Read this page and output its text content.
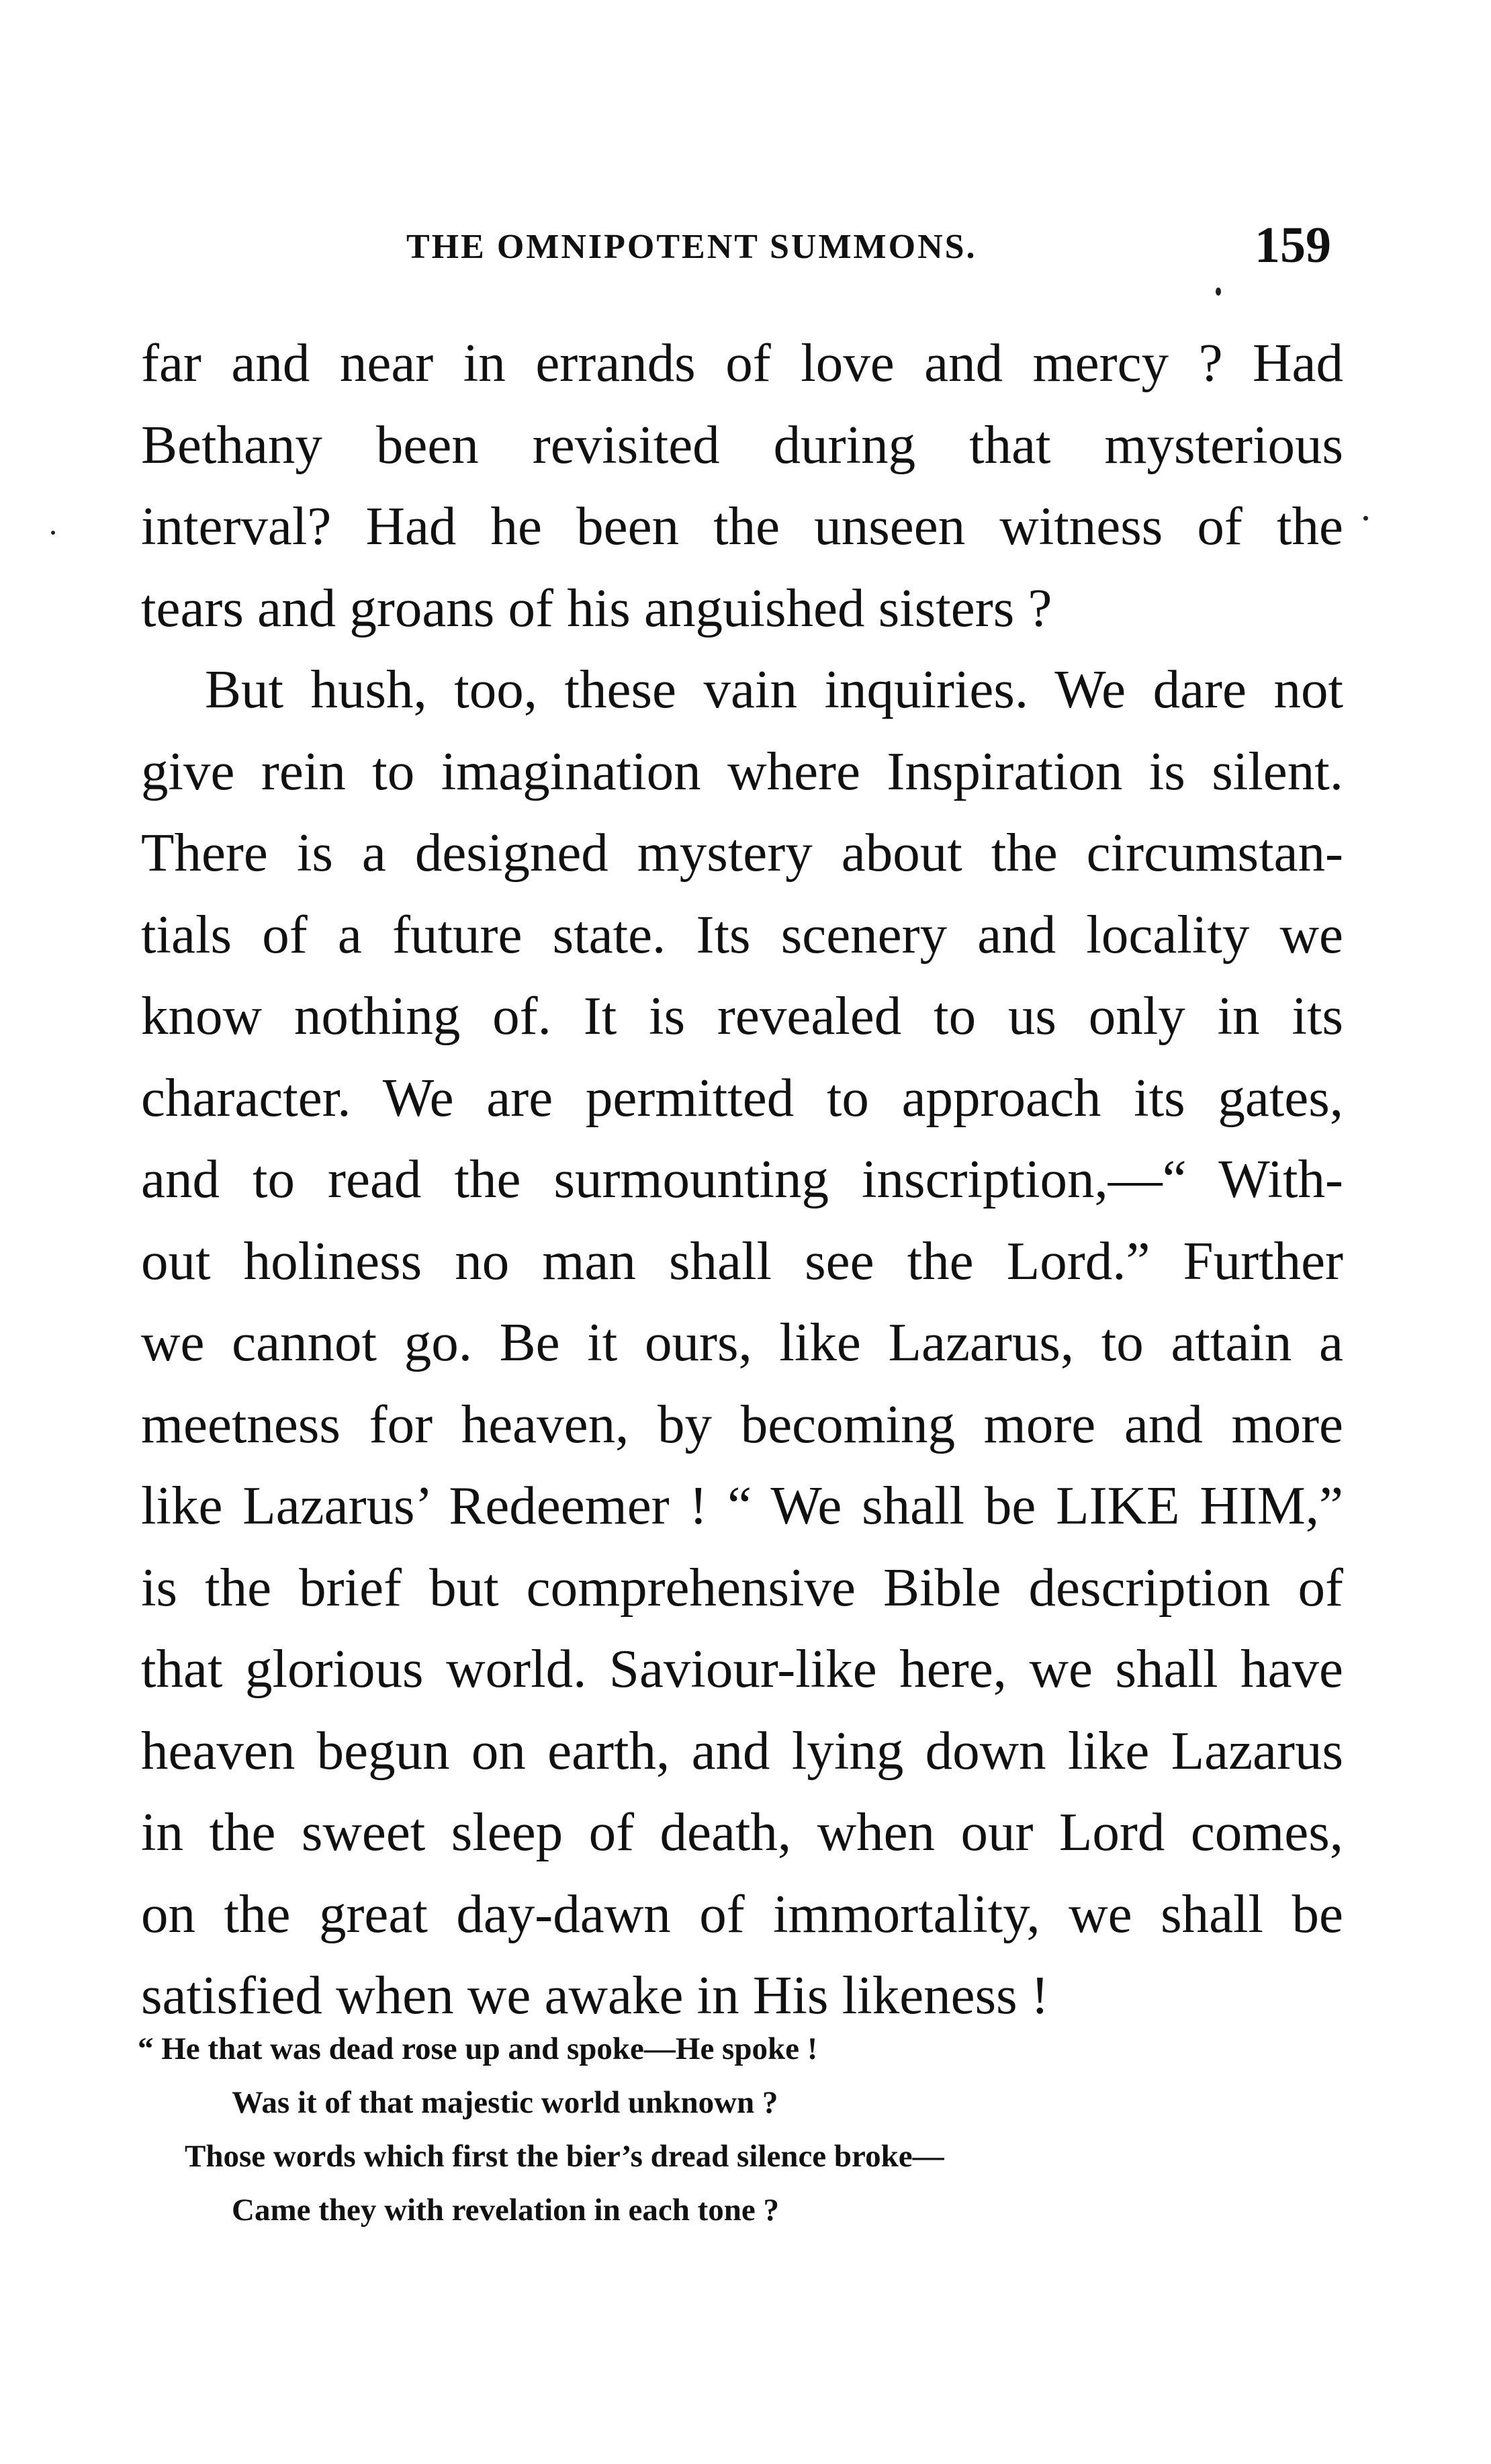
THE OMNIPOTENT SUMMONS.	159
far and near in errands of love and mercy ? Had
Bethany been revisited during that mysterious
interval? Had he been the unseen witness of the
tears and groans of his anguished sisters ?
But hush, too, these vain inquiries. We dare not
give rein to imagination where Inspiration is silent.
There is a designed mystery about the circumstan-
tials of a future state. Its scenery and locality we
know nothing of. It is revealed to us only in its
character. We are permitted to approach its gates,
and to read the surmounting inscription,—“ With-
out holiness no man shall see the Lord.” Further
we cannot go. Be it ours, like Lazarus, to attain a
meetness for heaven, by becoming more and more
like Lazarus’ Redeemer ! “ We shall be LIKE HIM,”
is the brief but comprehensive Bible description of
that glorious world. Saviour-like here, we shall have
heaven begun on earth, and lying down like Lazarus
in the sweet sleep of death, when our Lord comes,
on the great day-dawn of immortality, we shall be
satisfied when we awake in His likeness !
“ He that was dead rose up and spoke—He spoke !
Was it of that majestic world unknown ?
Those words which first the bier’s dread silence broke—
Came they with revelation in each tone ?
